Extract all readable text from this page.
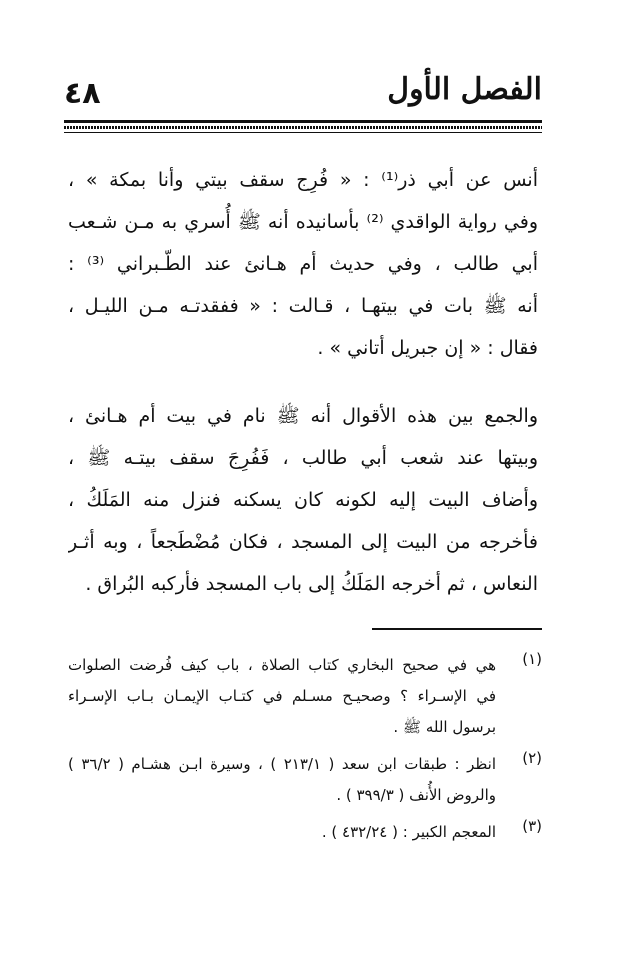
٤٨	الفصل الأول
أنس عن أبي ذر⁽¹⁾ : « فُرِج سقف بيتي وأنا بمكة » ،
وفي رواية الواقدي ⁽²⁾ بأسانيده أنه ﷺ أُسري به مـن شـعب
أبي طالب ، وفي حديث أم هـانئ عند الطّـبراني ⁽³⁾ :
أنه ﷺ بات في بيتهـا ، قـالت : « ففقدتـه مـن الليـل ،
فقال : « إن جبريل أتاني » .
والجمع بين هذه الأقوال أنه ﷺ نام في بيت أم هـانئ ،
وبيتها عند شعب أبي طالب ، فَفُرِجَ سقف بيتـه ﷺ ،
وأضاف البيت إليه لكونه كان يسكنه فنزل منه المَلَكُ ،
فأخرجه من البيت إلى المسجد ، فكان مُضْطَجعاً ، وبه أثـر
النعاس ، ثم أخرجه المَلَكُ إلى باب المسجد فأركبه البُراق .
(١)
هي في صحيح البخاري كتاب الصلاة ، باب كيف فُرضت الصلوات
في الإسـراء ؟ وصحيـح مسـلم في كتـاب الإيمـان بـاب الإسـراء
برسول الله ﷺ .
(٢)
انظر : طبقات ابن سعد ( ٢١٣/١ ) ، وسيرة ابـن هشـام ( ٣٦/٢ )
والروض الأُنف ( ٣٩٩/٣ ) .
(٣)
المعجم الكبير : ( ٤٣٢/٢٤ ) .
